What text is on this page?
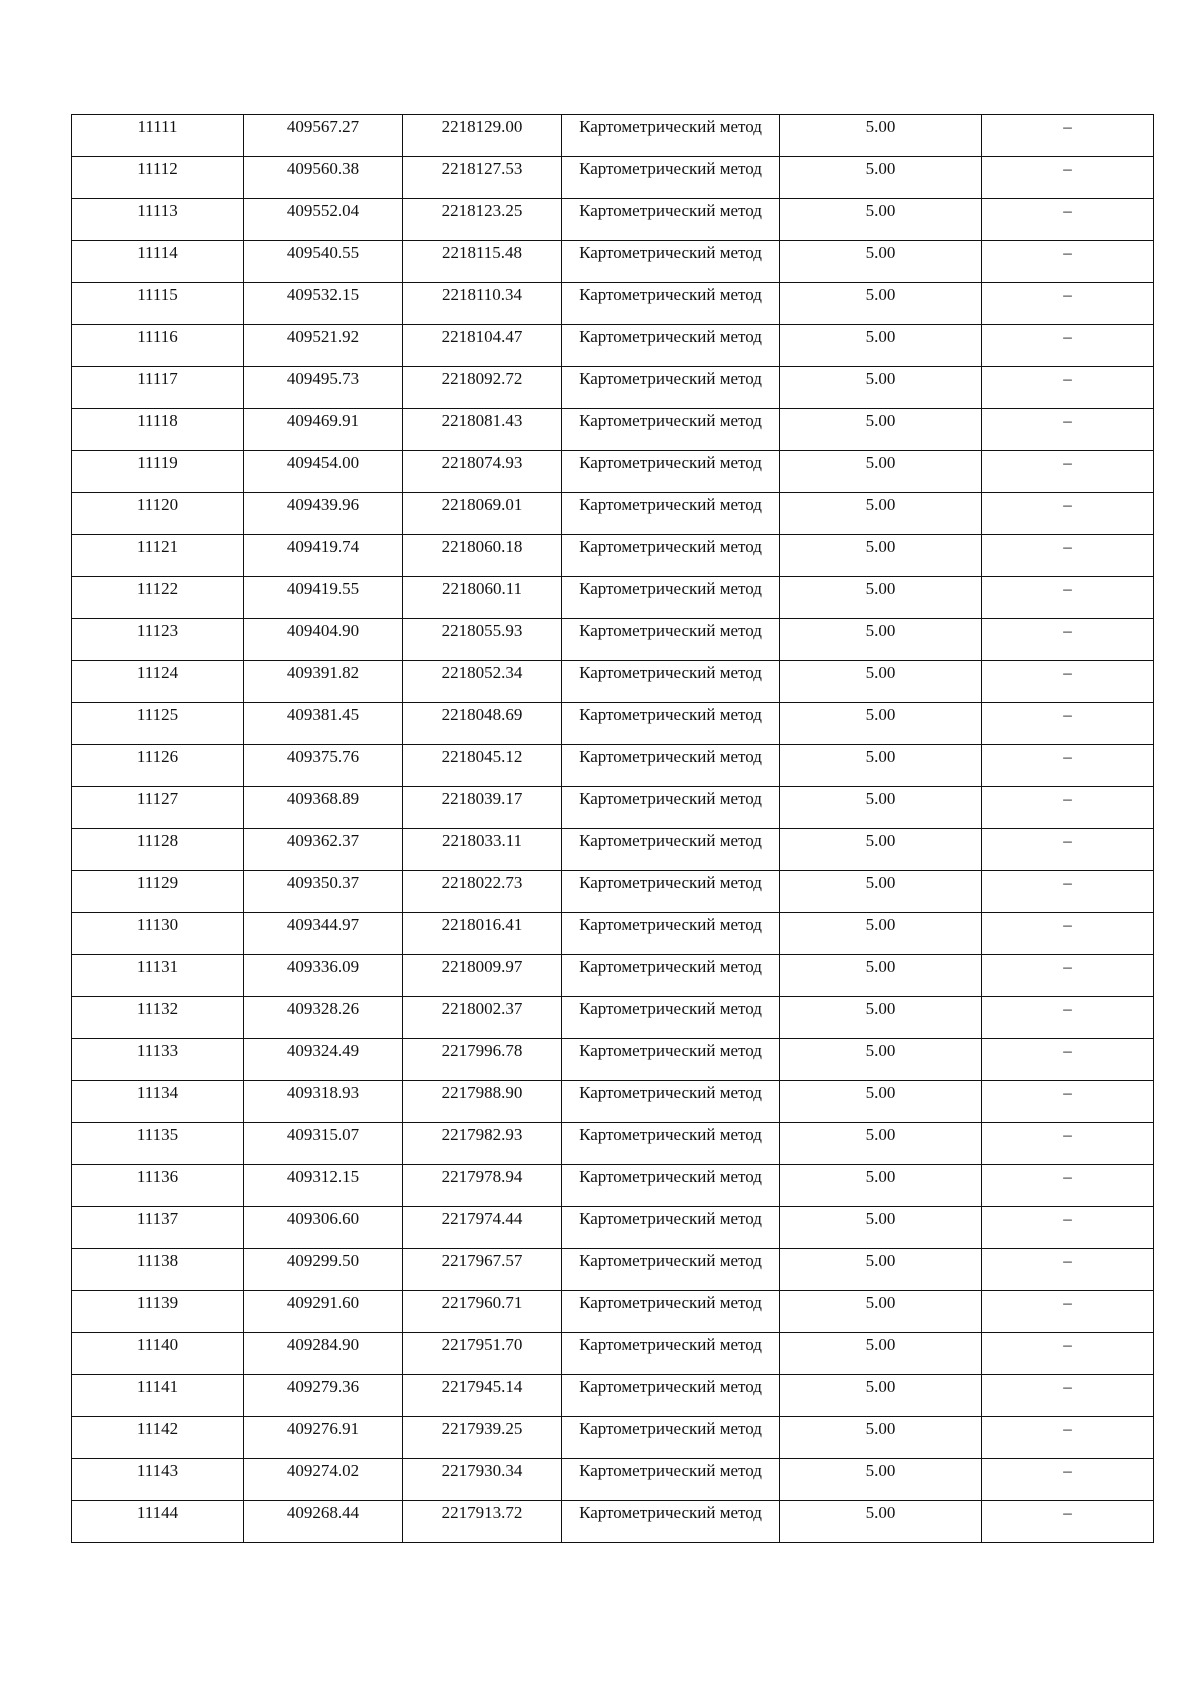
11111	409567.27	2218129.00	Картометрический метод	5.00	–
11112	409560.38	2218127.53	Картометрический метод	5.00	–
11113	409552.04	2218123.25	Картометрический метод	5.00	–
11114	409540.55	2218115.48	Картометрический метод	5.00	–
11115	409532.15	2218110.34	Картометрический метод	5.00	–
11116	409521.92	2218104.47	Картометрический метод	5.00	–
11117	409495.73	2218092.72	Картометрический метод	5.00	–
11118	409469.91	2218081.43	Картометрический метод	5.00	–
11119	409454.00	2218074.93	Картометрический метод	5.00	–
11120	409439.96	2218069.01	Картометрический метод	5.00	–
11121	409419.74	2218060.18	Картометрический метод	5.00	–
11122	409419.55	2218060.11	Картометрический метод	5.00	–
11123	409404.90	2218055.93	Картометрический метод	5.00	–
11124	409391.82	2218052.34	Картометрический метод	5.00	–
11125	409381.45	2218048.69	Картометрический метод	5.00	–
11126	409375.76	2218045.12	Картометрический метод	5.00	–
11127	409368.89	2218039.17	Картометрический метод	5.00	–
11128	409362.37	2218033.11	Картометрический метод	5.00	–
11129	409350.37	2218022.73	Картометрический метод	5.00	–
11130	409344.97	2218016.41	Картометрический метод	5.00	–
11131	409336.09	2218009.97	Картометрический метод	5.00	–
11132	409328.26	2218002.37	Картометрический метод	5.00	–
11133	409324.49	2217996.78	Картометрический метод	5.00	–
11134	409318.93	2217988.90	Картометрический метод	5.00	–
11135	409315.07	2217982.93	Картометрический метод	5.00	–
11136	409312.15	2217978.94	Картометрический метод	5.00	–
11137	409306.60	2217974.44	Картометрический метод	5.00	–
11138	409299.50	2217967.57	Картометрический метод	5.00	–
11139	409291.60	2217960.71	Картометрический метод	5.00	–
11140	409284.90	2217951.70	Картометрический метод	5.00	–
11141	409279.36	2217945.14	Картометрический метод	5.00	–
11142	409276.91	2217939.25	Картометрический метод	5.00	–
11143	409274.02	2217930.34	Картометрический метод	5.00	–
11144	409268.44	2217913.72	Картометрический метод	5.00	–
